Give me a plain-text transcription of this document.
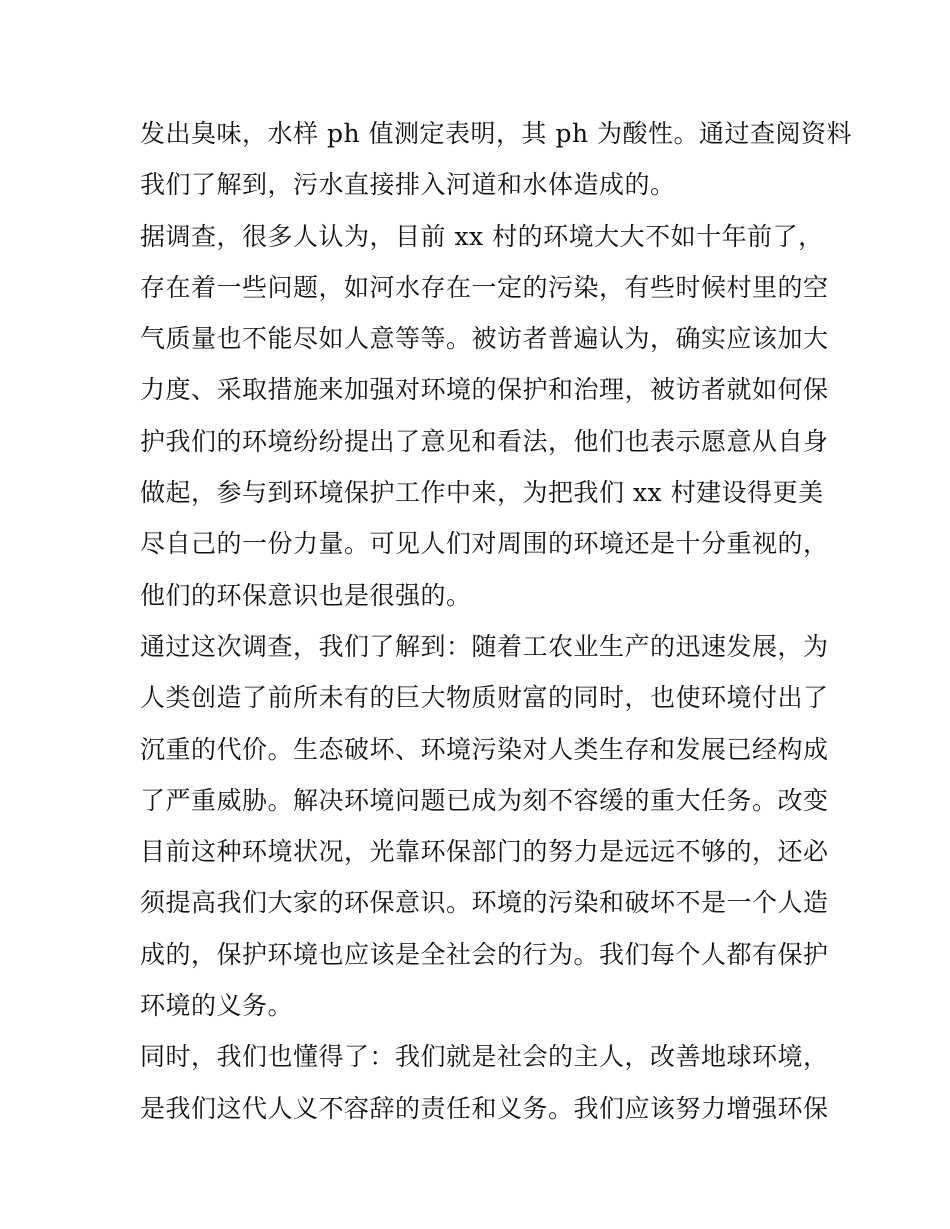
发出臭味，水样 ph 值测定表明，其 ph 为酸性。通过查阅资料
我们了解到，污水直接排入河道和水体造成的。
据调查，很多人认为，目前 xx 村的环境大大不如十年前了，
存在着一些问题，如河水存在一定的污染，有些时候村里的空
气质量也不能尽如人意等等。被访者普遍认为，确实应该加大
力度、采取措施来加强对环境的保护和治理，被访者就如何保
护我们的环境纷纷提出了意见和看法，他们也表示愿意从自身
做起，参与到环境保护工作中来，为把我们 xx 村建设得更美
尽自己的一份力量。可见人们对周围的环境还是十分重视的，
他们的环保意识也是很强的。
通过这次调查，我们了解到：随着工农业生产的迅速发展，为
人类创造了前所未有的巨大物质财富的同时，也使环境付出了
沉重的代价。生态破坏、环境污染对人类生存和发展已经构成
了严重威胁。解决环境问题已成为刻不容缓的重大任务。改变
目前这种环境状况，光靠环保部门的努力是远远不够的，还必
须提高我们大家的环保意识。环境的污染和破坏不是一个人造
成的，保护环境也应该是全社会的行为。我们每个人都有保护
环境的义务。
同时，我们也懂得了：我们就是社会的主人，改善地球环境，
是我们这代人义不容辞的责任和义务。我们应该努力增强环保
